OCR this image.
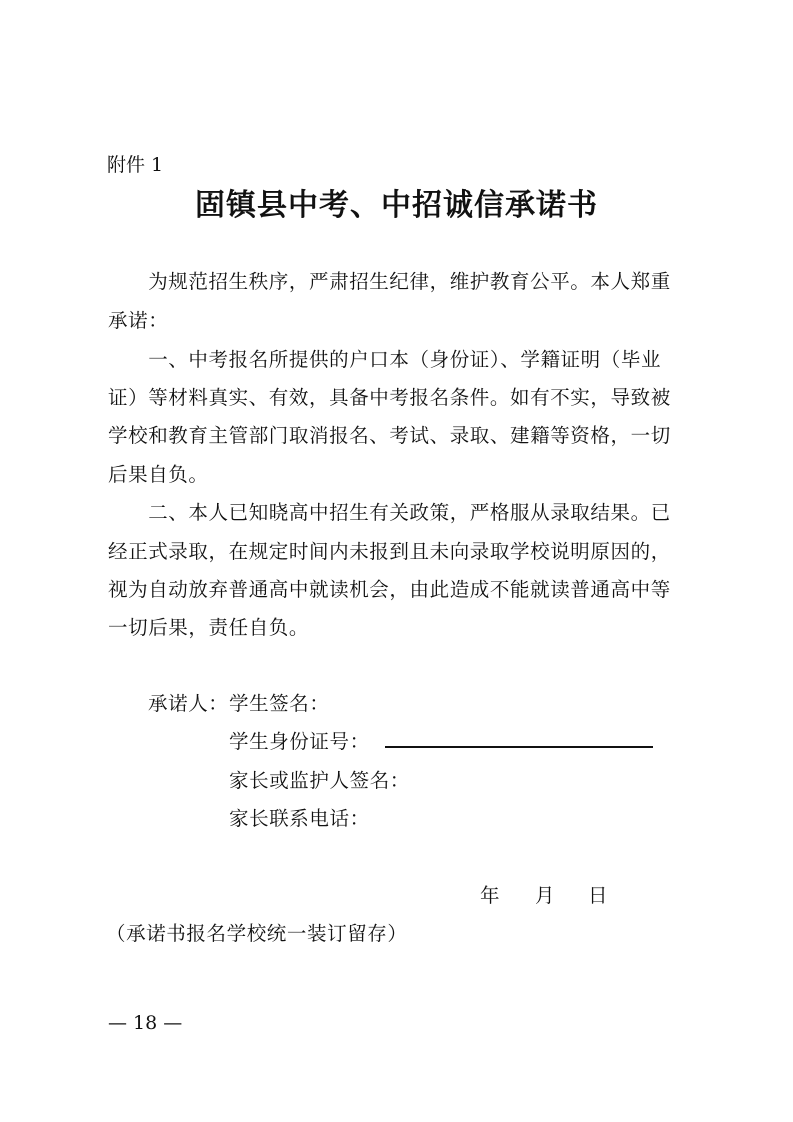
附件 1
固镇县中考、中招诚信承诺书
　　为规范招生秩序，严肃招生纪律，维护教育公平。本人郑重
承诺：
　　一、中考报名所提供的户口本（身份证）、学籍证明（毕业
证）等材料真实、有效，具备中考报名条件。如有不实，导致被
学校和教育主管部门取消报名、考试、录取、建籍等资格，一切
后果自负。
　　二、本人已知晓高中招生有关政策，严格服从录取结果。已
经正式录取，在规定时间内未报到且未向录取学校说明原因的，
视为自动放弃普通高中就读机会，由此造成不能就读普通高中等
一切后果，责任自负。
承诺人： 学生签名：
学生身份证号：
家长或监护人签名：
家长联系电话：
年 月 日
（承诺书报名学校统一装订留存）
— 18 —
